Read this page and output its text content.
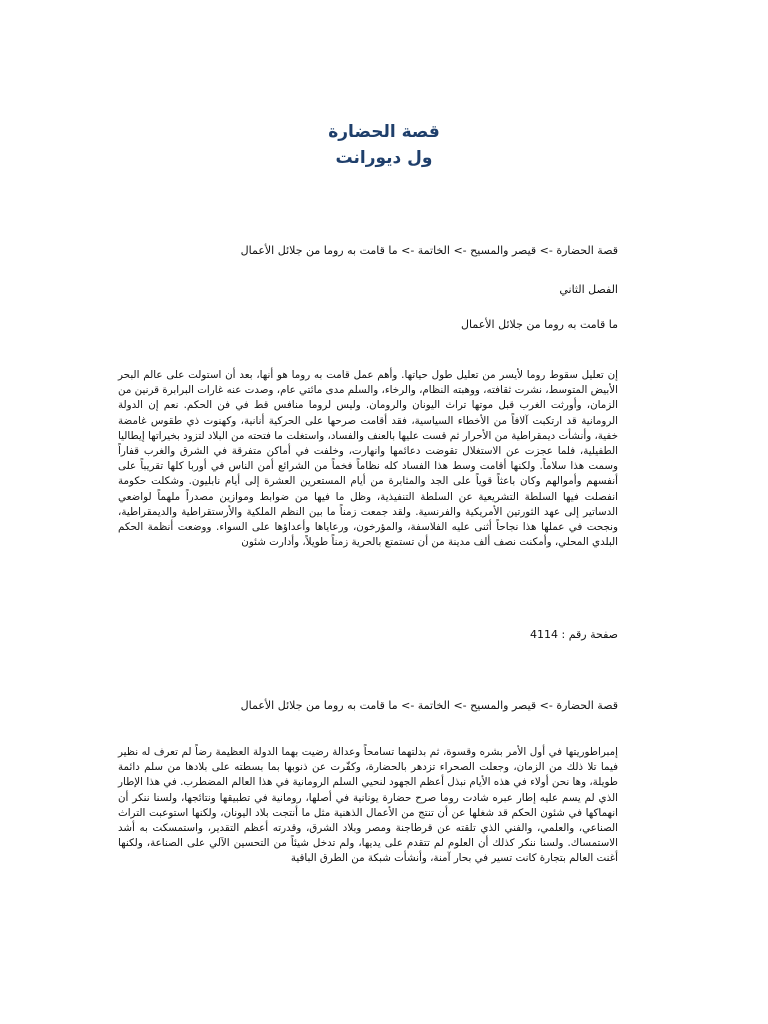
قصة الحضارة
ول ديورانت
قصة الحضارة -> قيصر والمسيح -> الخاتمة -> ما قامت به روما من جلائل الأعمال
الفصل الثاني
ما قامت به روما من جلائل الأعمال
إن تعليل سقوط روما لأيسر من تعليل طول حياتها. وأهم عمل قامت به روما هو أنها، بعد أن استولت على عالم البحر الأبيض المتوسط، نشرت ثقافته، ووهبته النظام، والرخاء، والسلم مدى مائتي عام، وصدت عنه غارات البرابرة قرنين من الزمان، وأورثت الغرب قبل موتها تراث اليونان والرومان. وليس لروما منافس قط في فن الحكم. نعم إن الدولة الرومانية قد ارتكبت آلافاً من الأخطاء السياسية، فقد أقامت صرحها على الحركية أنانية، وكهنوت ذي طقوس غامضة خفية، وأنشأت ديمقراطية من الأحرار ثم قست عليها بالعنف والفساد، واستغلت ما فتحته من البلاد لتزود بخيراتها إيطاليا الطفيلية، فلما عجزت عن الاستغلال تقوضت دعائمها وانهارت، وخلفت في أماكن متفرقة في الشرق والغرب قفاراً وسمت هذا سلاماً. ولكنها أقامت وسط هذا الفساد كله نظاماً فخماً من الشرائع أمن الناس في أوربا كلها تقريباً على أنفسهم وأموالهم وكان باعثاً قوياً على الجد والمثابرة من أيام المستعرين العشرة إلى أيام نابليون. وشكلت حكومة انفصلت فيها السلطة التشريعية عن السلطة التنفيذية، وظل ما فيها من ضوابط وموازين مصدراً ملهماً لواضعي الدساتير إلى عهد الثورتين الأمريكية والفرنسية. ولقد جمعت زمناً ما بين النظم الملكية والأرستقراطية والديمقراطية، ونجحت في عملها هذا نجاحاً أثنى عليه الفلاسفة، والمؤرخون، ورعاياها وأعداؤها على السواء. ووضعت أنظمة الحكم البلدي المحلي، وأمكنت نصف ألف مدينة من أن تستمتع بالحرية زمناً طويلاً، وأدارت شئون
صفحة رقم : 4114
قصة الحضارة -> قيصر والمسيح -> الخاتمة -> ما قامت به روما من جلائل الأعمال
إمبراطوريتها في أول الأمر بشره وقسوة، ثم بدلتهما تسامحاً وعدالة رضيت بهما الدولة العظيمة رضاً لم تعرف له نظير فيما تلا ذلك من الزمان، وجعلت الصحراء تزدهر بالحضارة، وكفّرت عن ذنوبها بما بسطته على بلادها من سلم دائمة طويلة، وها نحن أولاء في هذه الأيام نبذل أعظم الجهود لنحيي السلم الرومانية في هذا العالم المضطرب. في هذا الإطار الذي لم يسم عليه إطار عبره شادت روما صرح حضارة يونانية في أصلها، رومانية في تطبيقها ونتائجها، ولسنا ننكر أن انهماكها في شئون الحكم قد شغلها عن أن تنتج من الأعمال الذهنية مثل ما أنتجت بلاد اليونان، ولكنها استوعبت التراث الصناعي، والعلمي، والفني الذي تلقته عن قرطاجنة ومصر وبلاد الشرق، وقدرته أعظم التقدير، واستمسكت به أشد الاستمساك. ولسنا ننكر كذلك أن العلوم لم تتقدم على يديها، ولم تدخل شيئاً من التحسين الآلي على الصناعة، ولكنها أغنت العالم بتجارة كانت تسير في بحار آمنة، وأنشأت شبكة من الطرق الباقية
